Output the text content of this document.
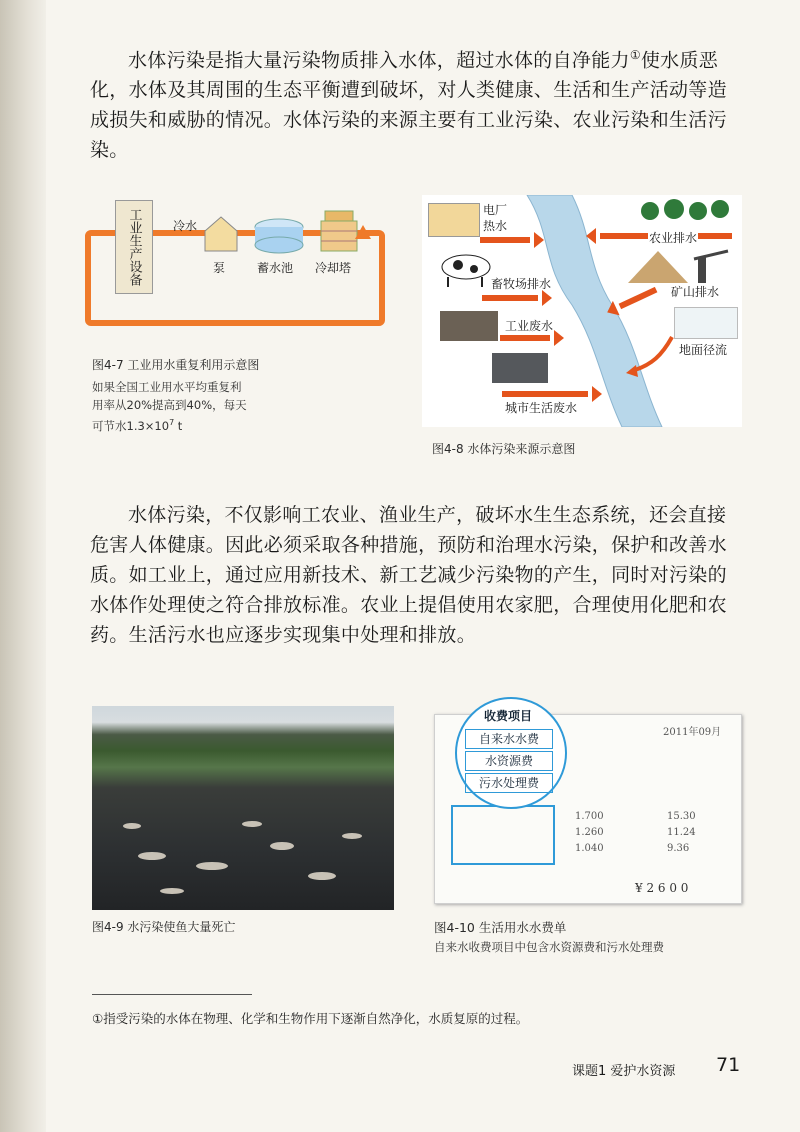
水体污染是指大量污染物质排入水体，超过水体的自净能力①使水质恶化，水体及其周围的生态平衡遭到破坏，对人类健康、生活和生产活动等造成损失和威胁的情况。水体污染的来源主要有工业污染、农业污染和生活污染。

工业生产设备	冷水
泵	蓄水池 冷却塔
图4-7 工业用水重复利用示意图
如果全国工业用水平均重复利
用率从20%提高到40%，每天
可节水$1.3\times 10^7$ t
电厂
热水
农业排水
畜牧场排水
矿山排水
工业废水
地面径流
城市生活废水
图4-8 水体污染来源示意图

水体污染，不仅影响工农业、渔业生产，破坏水生生态系统，还会直接危害人体健康。因此必须采取各种措施，预防和治理水污染，保护和改善水质。如工业上，通过应用新技术、新工艺减少污染物的产生，同时对污染的水体作处理使之符合排放标准。农业上提倡使用农家肥，合理使用化肥和农药。生活污水也应逐步实现集中处理和排放。

图4-9 水污染使鱼大量死亡
2011年09月
1.700
1.260
1.040
15.30
11.24
9.36
¥ 2 6 0 0
收费项目
自来水水费
水资源费
污水处理费
图4-10 生活用水水费单
自来水收费项目中包含水资源费和污水处理费
①指受污染的水体在物理、化学和生物作用下逐渐自然净化，水质复原的过程。
课题1 爱护水资源 71
